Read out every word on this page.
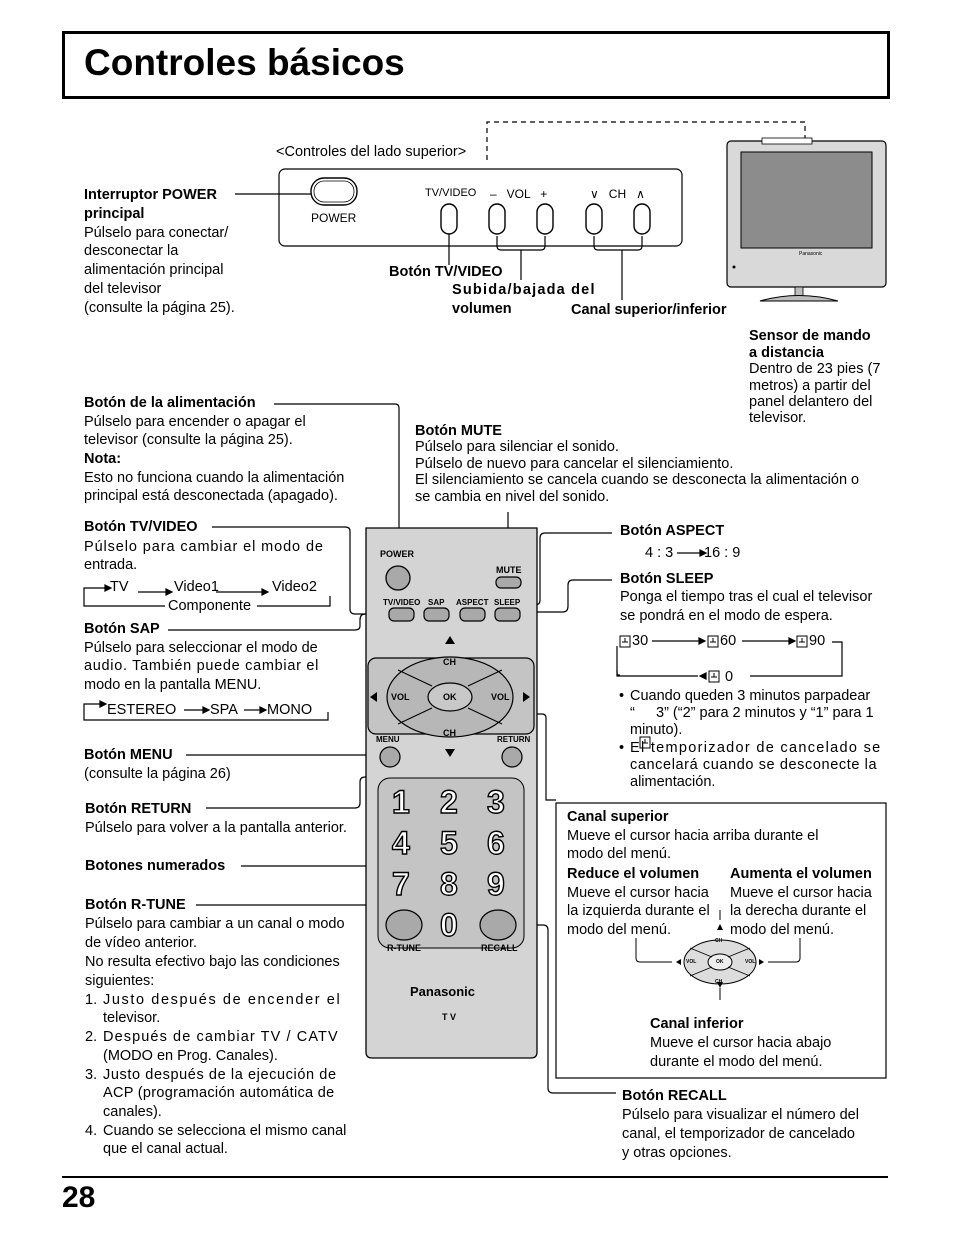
Controles básicos
<Controles del lado superior>
POWER
TV/VIDEO –   VOL   +	∨   CH   ∧
Panasonic
Interruptor POWER
principal
Púlselo para conectar/
desconectar la
alimentación principal
del televisor
(consulte la página 25).
Botón TV/VIDEO
Subida/bajada del
volumen	Canal superior/inferior
Sensor de mando
a distancia
Dentro de 23 pies (7
metros) a partir del
panel delantero del
televisor.
Botón de la alimentación
Púlselo para encender o apagar el
televisor (consulte la página 25).
Nota:
Esto no funciona cuando la alimentación
principal está desconectada (apagado).
Botón TV/VIDEO
Púlselo para cambiar el modo de
entrada.
TV	Video1	Video2
Componente
Botón SAP
Púlselo para seleccionar el modo de
audio. También puede cambiar el
modo en la pantalla MENU.
ESTEREO SPA MONO
Botón MENU
(consulte la página 26)
Botón RETURN
Púlselo para volver a la pantalla anterior.
Botones numerados
Botón R-TUNE
Púlselo para cambiar a un canal o modo
de vídeo anterior.
No resulta efectivo bajo las condiciones
siguientes:
1. Justo después de encender el
televisor.
2. Después de cambiar TV / CATV
(MODO en Prog. Canales).
3. Justo después de la ejecución de
ACP (programación automática de
canales).
4. Cuando se selecciona el mismo canal
que el canal actual.
Botón MUTE
Púlselo para silenciar el sonido.
Púlselo de nuevo para cancelar el silenciamiento.
El silenciamiento se cancela cuando se desconecta la alimentación o
se cambia en nivel del sonido.
Botón ASPECT
4 : 3 16 : 9
Botón SLEEP
Ponga el tiempo tras el cual el televisor
se pondrá en el modo de espera.
30	60	90
0
• Cuando queden 3 minutos parpadear
“ 3” (“2” para 2 minutos y “1” para 1
minuto).
• El temporizador de cancelado se
cancelará cuando se desconecte la
alimentación.
Canal superior
Mueve el cursor hacia arriba durante el
modo del menú.
Reduce el volumen
Mueve el cursor hacia
la izquierda durante el
modo del menú.
Aumenta el volumen
Mueve el cursor hacia
la derecha durante el
modo del menú.
Canal inferior
Mueve el cursor hacia abajo
durante el modo del menú.
CH
CH
VOL	VOL
OK
Botón RECALL
Púlselo para visualizar el número del
canal, el temporizador de cancelado
y otras opciones.
POWER
MUTE
TV/VIDEO SAP ASPECT SLEEP
CH
CH
VOL	VOL
OK
MENU	RETURN
1 2 3
4 5 6
7 8 9
0
R-TUNE	RECALL
Panasonic
T V
28
